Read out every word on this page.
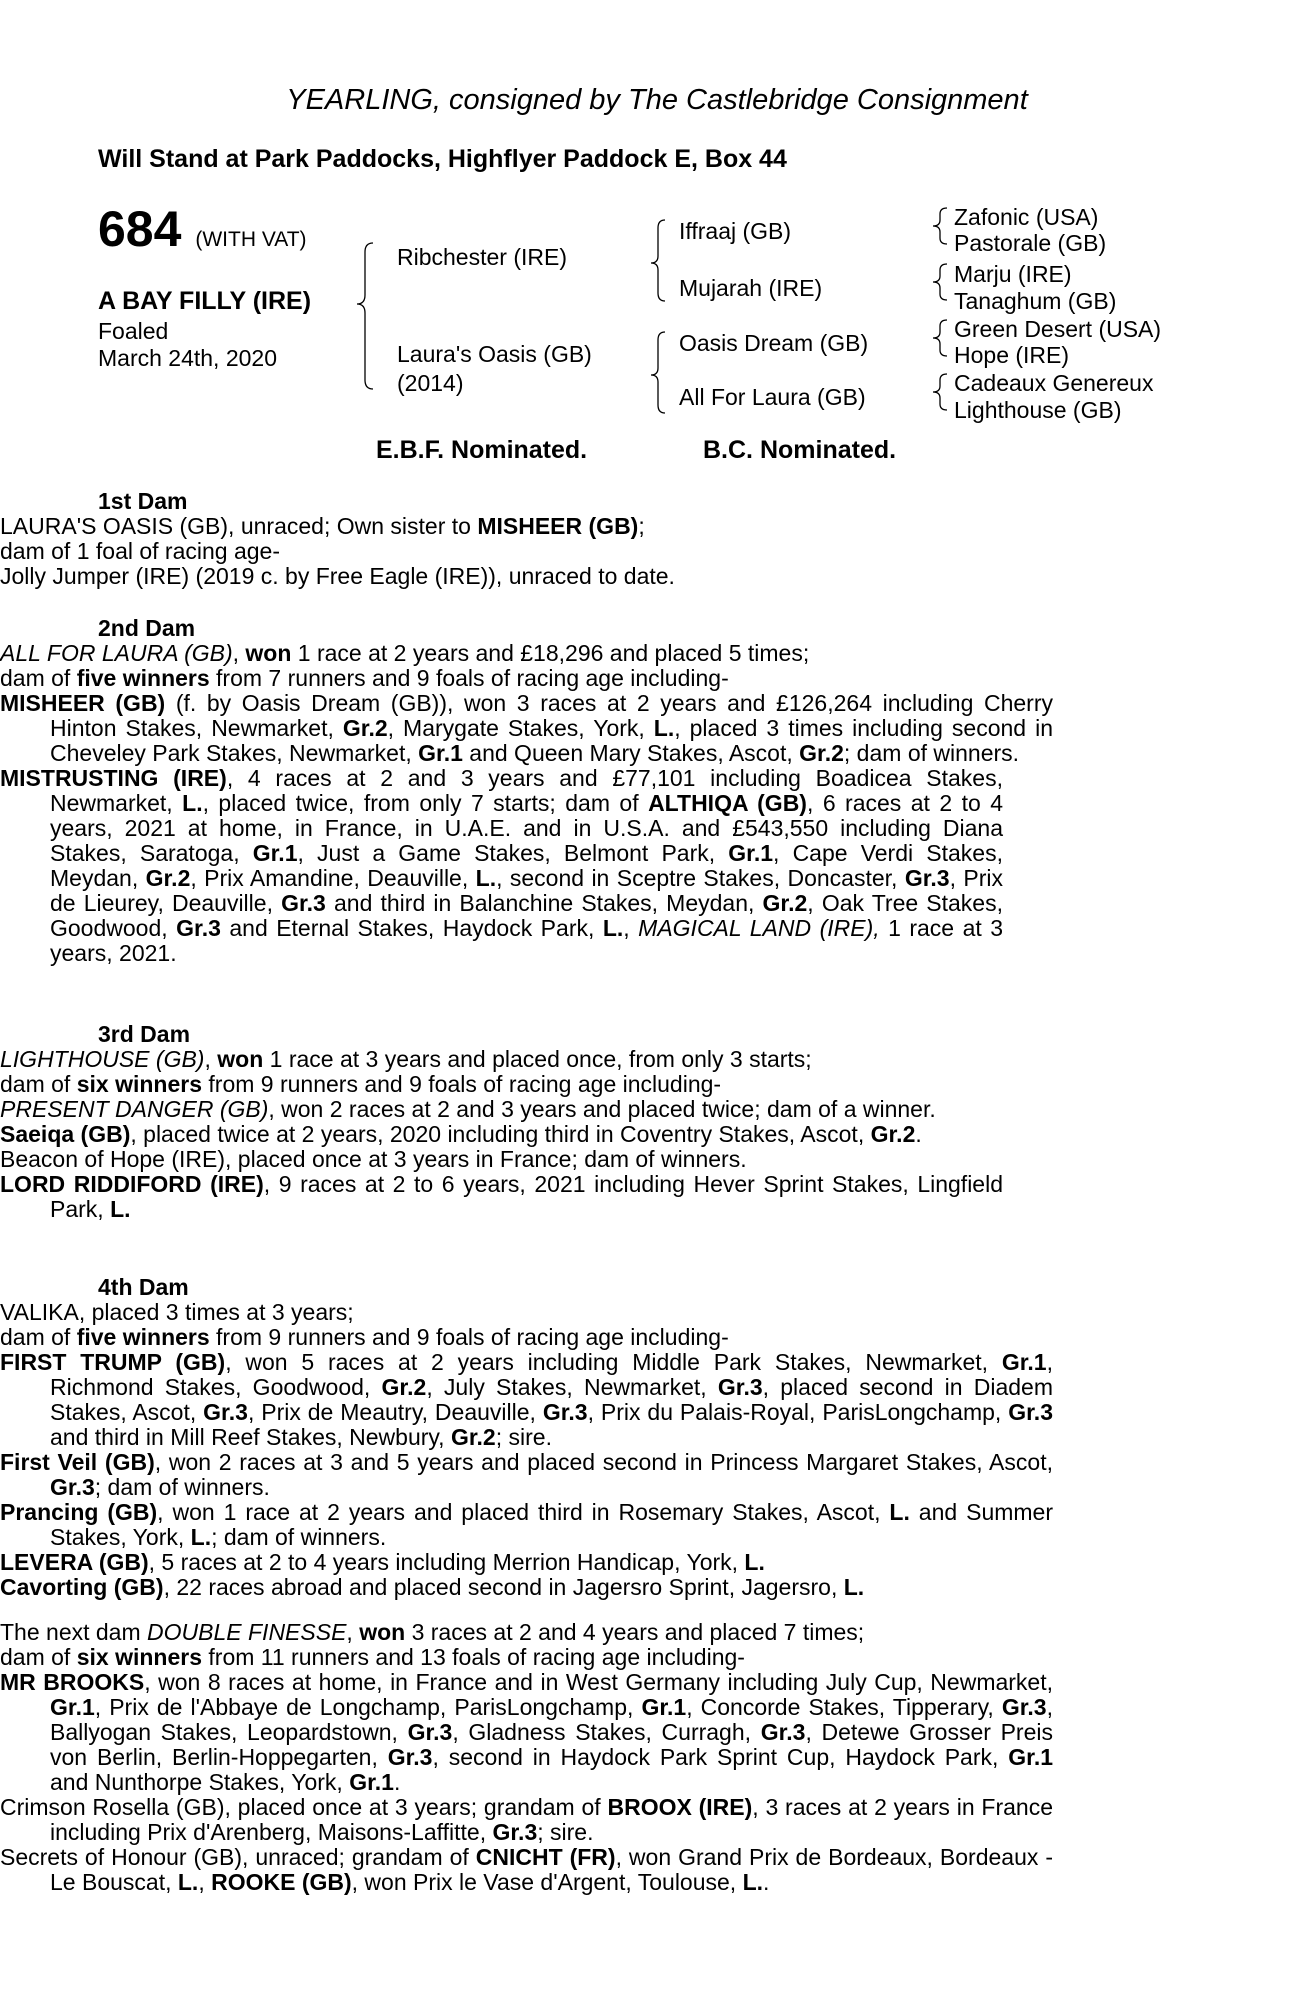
YEARLING, consigned by The Castlebridge Consignment
Will Stand at Park Paddocks, Highflyer Paddock E, Box 44
684 (WITH VAT)
A BAY FILLY (IRE)
Foaled
March 24th, 2020
Ribchester (IRE)
Laura's Oasis (GB)
(2014)
Iffraaj (GB)
Mujarah (IRE)
Oasis Dream (GB)
All For Laura (GB)
Zafonic (USA)
Pastorale (GB)
Marju (IRE)
Tanaghum (GB)
Green Desert (USA)
Hope (IRE)
Cadeaux Genereux
Lighthouse (GB)
E.B.F. Nominated.	B.C. Nominated.

1st Dam

LAURA'S OASIS (GB), unraced; Own sister to MISHEER (GB);

dam of 1 foal of racing age-

Jolly Jumper (IRE) (2019 c. by Free Eagle (IRE)), unraced to date.

2nd Dam

ALL FOR LAURA (GB), won 1 race at 2 years and £18,296 and placed 5 times;

dam of five winners from 7 runners and 9 foals of racing age including-

MISHEER (GB) (f. by Oasis Dream (GB)), won 3 races at 2 years and £126,264 including Cherry Hinton Stakes, Newmarket, Gr.2, Marygate Stakes, York, L., placed 3 times including second in Cheveley Park Stakes, Newmarket, Gr.1 and Queen Mary Stakes, Ascot, Gr.2; dam of winners.

MISTRUSTING (IRE), 4 races at 2 and 3 years and £77,101 including Boadicea Stakes, Newmarket, L., placed twice, from only 7 starts; dam of ALTHIQA (GB), 6 races at 2 to 4 years, 2021 at home, in France, in U.A.E. and in U.S.A. and £543,550 including Diana Stakes, Saratoga, Gr.1, Just a Game Stakes, Belmont Park, Gr.1, Cape Verdi Stakes, Meydan, Gr.2, Prix Amandine, Deauville, L., second in Sceptre Stakes, Doncaster, Gr.3, Prix de Lieurey, Deauville, Gr.3 and third in Balanchine Stakes, Meydan, Gr.2, Oak Tree Stakes, Goodwood, Gr.3 and Eternal Stakes, Haydock Park, L., MAGICAL LAND (IRE), 1 race at 3 years, 2021.

3rd Dam

LIGHTHOUSE (GB), won 1 race at 3 years and placed once, from only 3 starts;

dam of six winners from 9 runners and 9 foals of racing age including-

PRESENT DANGER (GB), won 2 races at 2 and 3 years and placed twice; dam of a winner.

Saeiqa (GB), placed twice at 2 years, 2020 including third in Coventry Stakes, Ascot, Gr.2.

Beacon of Hope (IRE), placed once at 3 years in France; dam of winners.

LORD RIDDIFORD (IRE), 9 races at 2 to 6 years, 2021 including Hever Sprint Stakes, Lingfield Park, L.

4th Dam

VALIKA, placed 3 times at 3 years;

dam of five winners from 9 runners and 9 foals of racing age including-

FIRST TRUMP (GB), won 5 races at 2 years including Middle Park Stakes, Newmarket, Gr.1, Richmond Stakes, Goodwood, Gr.2, July Stakes, Newmarket, Gr.3, placed second in Diadem Stakes, Ascot, Gr.3, Prix de Meautry, Deauville, Gr.3, Prix du Palais-Royal, ParisLongchamp, Gr.3 and third in Mill Reef Stakes, Newbury, Gr.2; sire.

First Veil (GB), won 2 races at 3 and 5 years and placed second in Princess Margaret Stakes, Ascot, Gr.3; dam of winners.

Prancing (GB), won 1 race at 2 years and placed third in Rosemary Stakes, Ascot, L. and Summer Stakes, York, L.; dam of winners.

LEVERA (GB), 5 races at 2 to 4 years including Merrion Handicap, York, L.

Cavorting (GB), 22 races abroad and placed second in Jagersro Sprint, Jagersro, L.

The next dam DOUBLE FINESSE, won 3 races at 2 and 4 years and placed 7 times;

dam of six winners from 11 runners and 13 foals of racing age including-

MR BROOKS, won 8 races at home, in France and in West Germany including July Cup, Newmarket, Gr.1, Prix de l'Abbaye de Longchamp, ParisLongchamp, Gr.1, Concorde Stakes, Tipperary, Gr.3, Ballyogan Stakes, Leopardstown, Gr.3, Gladness Stakes, Curragh, Gr.3, Detewe Grosser Preis von Berlin, Berlin-Hoppegarten, Gr.3, second in Haydock Park Sprint Cup, Haydock Park, Gr.1 and Nunthorpe Stakes, York, Gr.1.

Crimson Rosella (GB), placed once at 3 years; grandam of BROOX (IRE), 3 races at 2 years in France including Prix d'Arenberg, Maisons-Laffitte, Gr.3; sire.

Secrets of Honour (GB), unraced; grandam of CNICHT (FR), won Grand Prix de Bordeaux, Bordeaux - Le Bouscat, L., ROOKE (GB), won Prix le Vase d'Argent, Toulouse, L..
